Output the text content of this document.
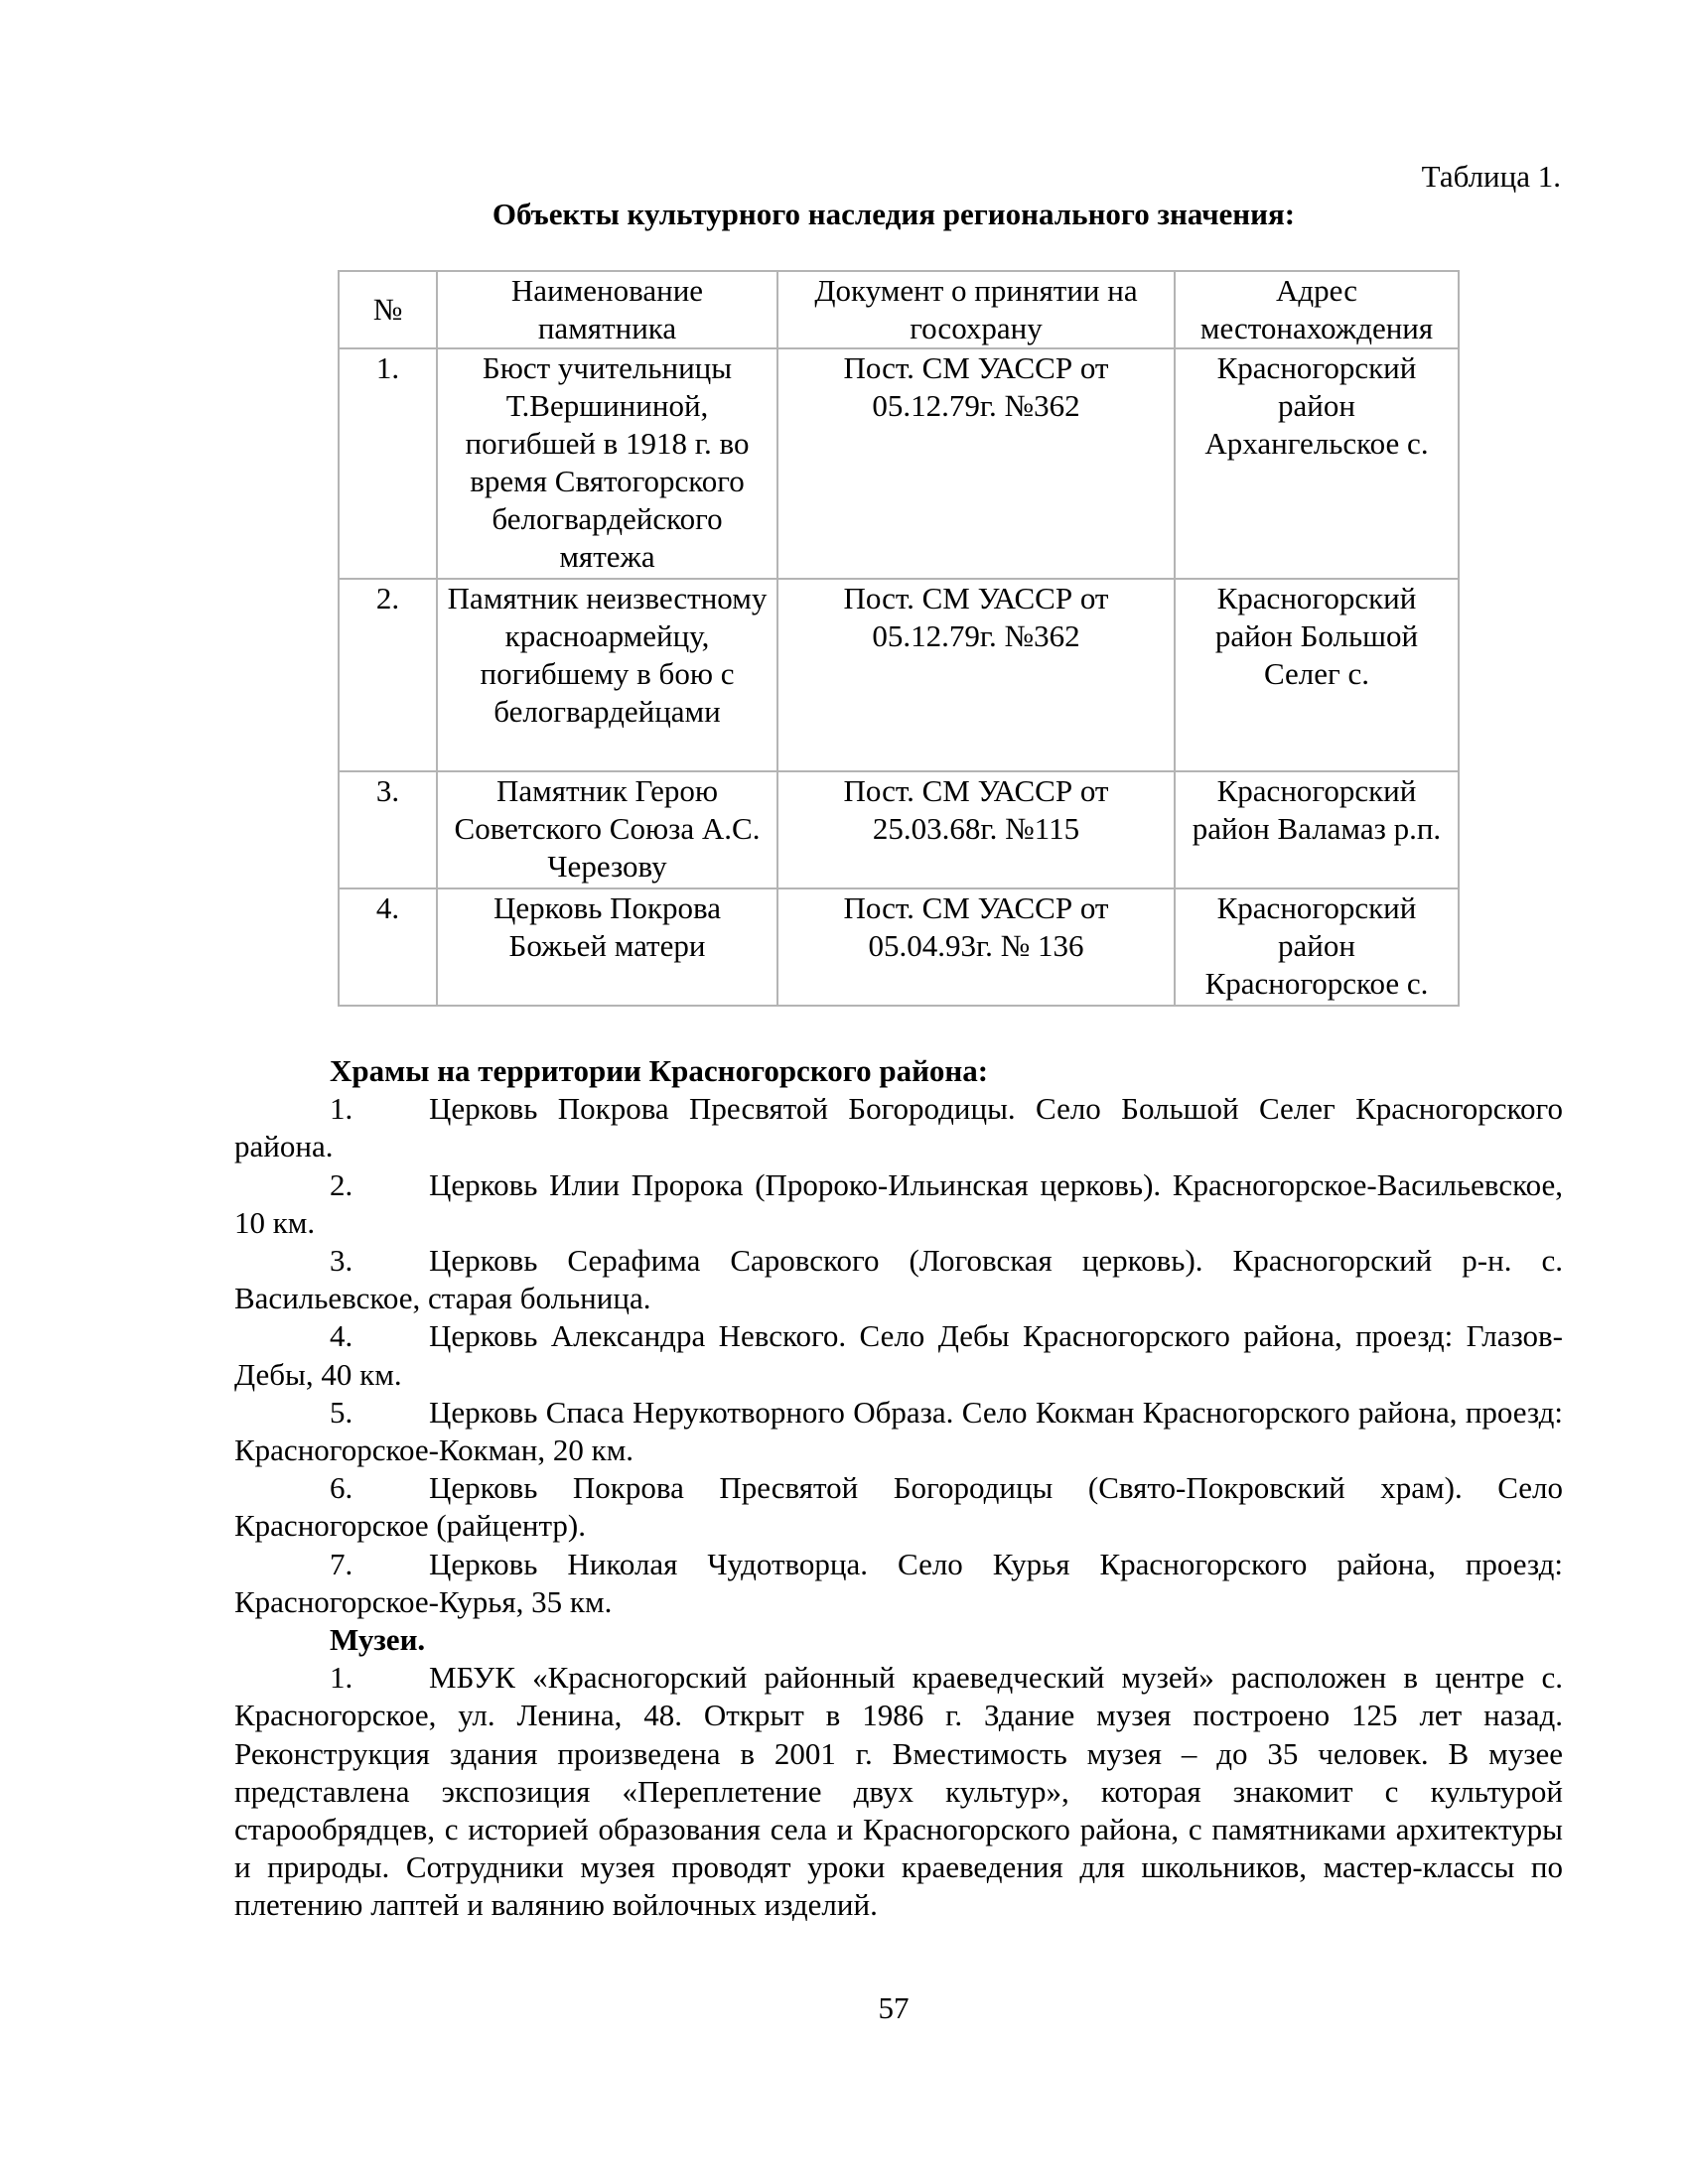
Таблица 1.
Объекты культурного наследия регионального значения:
№	Наименование памятника	Документ о принятии на госохрану	Адрес местонахождения
1.	Бюст учительницы Т.Вершининой, погибшей в 1918 г. во время Святогорского белогвардейского мятежа	Пост. СМ УАССР от 05.12.79г. №362	Красногорский район Архангельское с.
2.	Памятник неизвестному красноармейцу, погибшему в бою с белогвардейцами	Пост. СМ УАССР от 05.12.79г. №362	Красногорский район Большой Селег с.
3.	Памятник Герою Советского Союза А.С. Черезову	Пост. СМ УАССР от 25.03.68г. №115	Красногорский район Валамаз р.п.
4.	Церковь Покрова Божьей матери	Пост. СМ УАССР от 05.04.93г. № 136	Красногорский район Красногорское с.
Храмы на территории Красногорского района:
1. Церковь Покрова Пресвятой Богородицы. Село Большой Селег Красногорского района.
2. Церковь Илии Пророка (Пророко-Ильинская церковь). Красногорское-Васильевское, 10 км.
3. Церковь Серафима Саровского (Логовская церковь). Красногорский р-н. с. Васильевское, старая больница.
4. Церковь Александра Невского. Село Дебы Красногорского района, проезд: Глазов-Дебы, 40 км.
5. Церковь Спаса Нерукотворного Образа. Село Кокман Красногорского района, проезд: Красногорское-Кокман, 20 км.
6. Церковь Покрова Пресвятой Богородицы (Свято-Покровский храм). Село Красногорское (райцентр).
7. Церковь Николая Чудотворца. Село Курья Красногорского района, проезд: Красногорское-Курья, 35 км.
Музеи.
1. МБУК «Красногорский районный краеведческий музей» расположен в центре с. Красногорское, ул. Ленина, 48. Открыт в 1986 г. Здание музея построено 125 лет назад. Реконструкция здания произведена в 2001 г. Вместимость музея – до 35 человек. В музее представлена экспозиция «Переплетение двух культур», которая знакомит с культурой старообрядцев, с историей образования села и Красногорского района, с памятниками архитектуры и природы. Сотрудники музея проводят уроки краеведения для школьников, мастер-классы по плетению лаптей и валянию войлочных изделий.
57
